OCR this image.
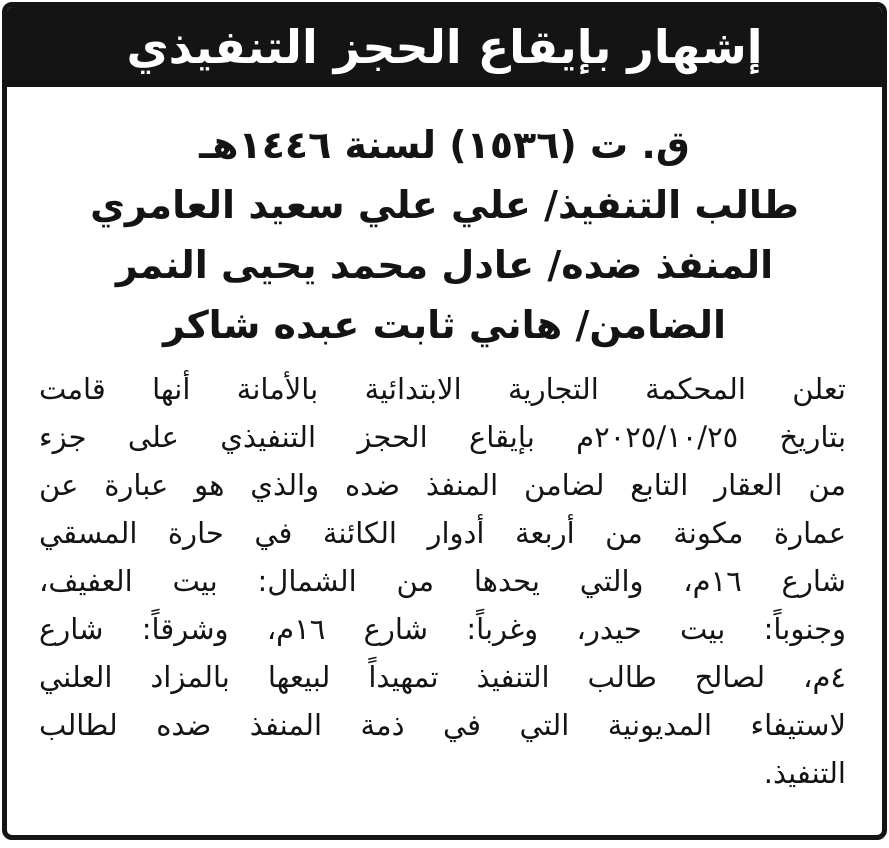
إشهار بإيقاع الحجز التنفيذي
ق. ت (١٥٣٦) لسنة ١٤٤٦هـ
طالب التنفيذ/ علي علي سعيد العامري
المنفذ ضده/ عادل محمد يحيى النمر
الضامن/ هاني ثابت عبده شاكر
تعلن المحكمة التجارية الابتدائية بالأمانة أنها قامت
بتاريخ ٢٠٢٥/١٠/٢٥م بإيقاع الحجز التنفيذي على جزء
من العقار التابع لضامن المنفذ ضده والذي هو عبارة عن
عمارة مكونة من أربعة أدوار الكائنة في حارة المسقي
شارع ١٦م، والتي يحدها من الشمال: بيت العفيف،
وجنوباً: بيت حيدر، وغرباً: شارع ١٦م، وشرقاً: شارع
٤م، لصالح طالب التنفيذ تمهيداً لبيعها بالمزاد العلني
لاستيفاء المديونية التي في ذمة المنفذ ضده لطالب
التنفيذ.
